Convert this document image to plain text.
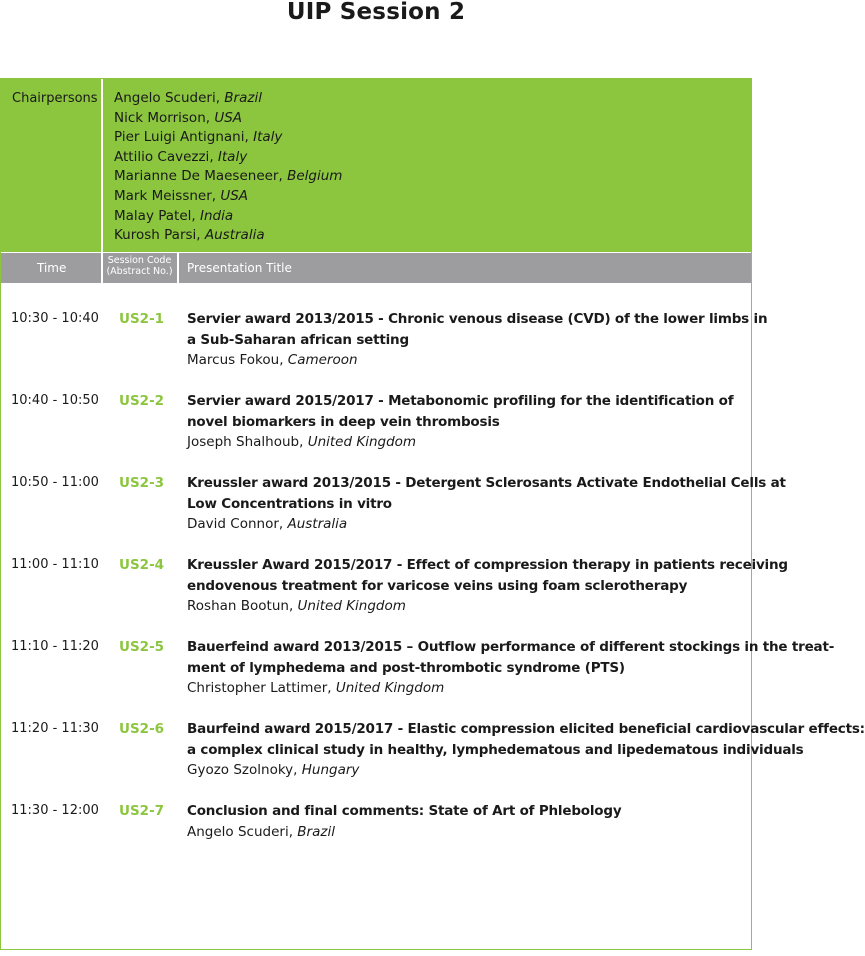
UIP Session 2
Chairpersons Angelo Scuderi, Brazil
Nick Morrison, USA
Pier Luigi Antignani, Italy
Attilio Cavezzi, Italy
Marianne De Maeseneer, Belgium
Mark Meissner, USA
Malay Patel, India
Kurosh Parsi, Australia
Time
Session Code
(Abstract No.)	Presentation Title
10:30 - 10:40 US2-1 Servier award 2013/2015 - Chronic venous disease (CVD) of the lower limbs in
a Sub-Saharan african setting
Marcus Fokou, Cameroon
10:40 - 10:50 US2-2 Servier award 2015/2017 - Metabonomic profiling for the identification of
novel biomarkers in deep vein thrombosis
Joseph Shalhoub, United Kingdom
10:50 - 11:00 US2-3 Kreussler award 2013/2015 - Detergent Sclerosants Activate Endothelial Cells at
Low Concentrations in vitro
David Connor, Australia
11:00 - 11:10 US2-4 Kreussler Award 2015/2017 - Effect of compression therapy in patients receiving
endovenous treatment for varicose veins using foam sclerotherapy
Roshan Bootun, United Kingdom
11:10 - 11:20 US2-5 Bauerfeind award 2013/2015 – Outflow performance of different stockings in the treat-
ment of lymphedema and post-thrombotic syndrome (PTS)
Christopher Lattimer, United Kingdom
11:20 - 11:30 US2-6 Baurfeind award 2015/2017 - Elastic compression elicited beneficial cardiovascular effects:
a complex clinical study in healthy, lymphedematous and lipedematous individuals
Gyozo Szolnoky, Hungary
11:30 - 12:00 US2-7 Conclusion and final comments: State of Art of Phlebology
Angelo Scuderi, Brazil
